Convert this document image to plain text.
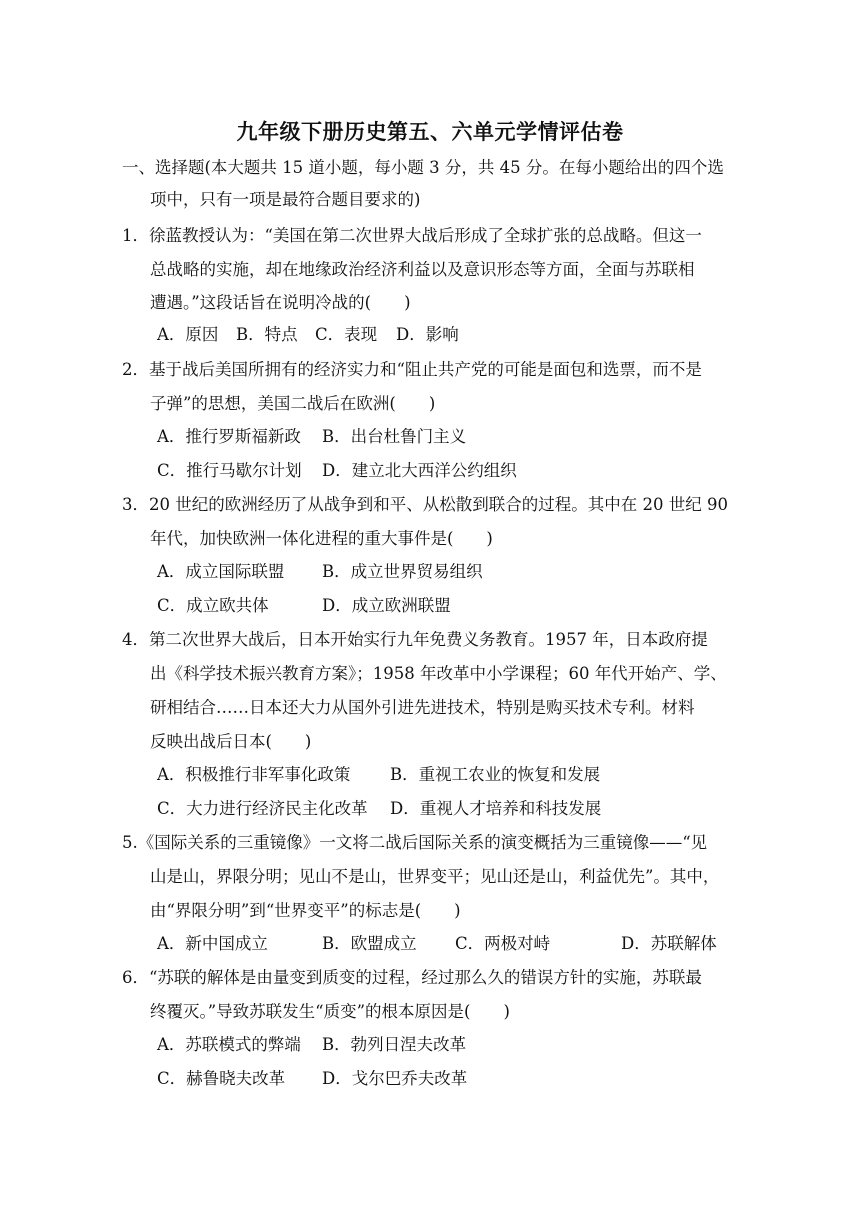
九年级下册历史第五、六单元学情评估卷
一、选择题(本大题共 15 道小题，每小题 3 分，共 45 分。在每小题给出的四个选
项中，只有一项是最符合题目要求的)
1．徐蓝教授认为：“美国在第二次世界大战后形成了全球扩张的总战略。但这一
总战略的实施，却在地缘政治经济利益以及意识形态等方面，全面与苏联相
遭遇。”这段话旨在说明冷战的(　　)
A．原因 B．特点 C．表现 D．影响
2．基于战后美国所拥有的经济实力和“阻止共产党的可能是面包和选票，而不是
子弹”的思想，美国二战后在欧洲(　　)
A．推行罗斯福新政 B．出台杜鲁门主义
C．推行马歇尔计划 D．建立北大西洋公约组织
3．20 世纪的欧洲经历了从战争到和平、从松散到联合的过程。其中在 20 世纪 90
年代，加快欧洲一体化进程的重大事件是(　　)
A．成立国际联盟 B．成立世界贸易组织
C．成立欧共体	D．成立欧洲联盟
4．第二次世界大战后，日本开始实行九年免费义务教育。1957 年，日本政府提
出《科学技术振兴教育方案》；1958 年改革中小学课程；60 年代开始产、学、
研相结合……日本还大力从国外引进先进技术，特别是购买技术专利。材料
反映出战后日本(　　)
A．积极推行非军事化政策 B．重视工农业的恢复和发展
C．大力进行经济民主化改革 D．重视人才培养和科技发展
5.《国际关系的三重镜像》一文将二战后国际关系的演变概括为三重镜像——“见
山是山，界限分明；见山不是山，世界变平；见山还是山，利益优先”。其中，
由“界限分明”到“世界变平”的标志是(　　)
A．新中国成立	B．欧盟成立 C．两极对峙	D．苏联解体
6．“苏联的解体是由量变到质变的过程，经过那么久的错误方针的实施，苏联最
终覆灭。”导致苏联发生“质变”的根本原因是(　　)
A．苏联模式的弊端 B．勃列日涅夫改革
C．赫鲁晓夫改革 D．戈尔巴乔夫改革
